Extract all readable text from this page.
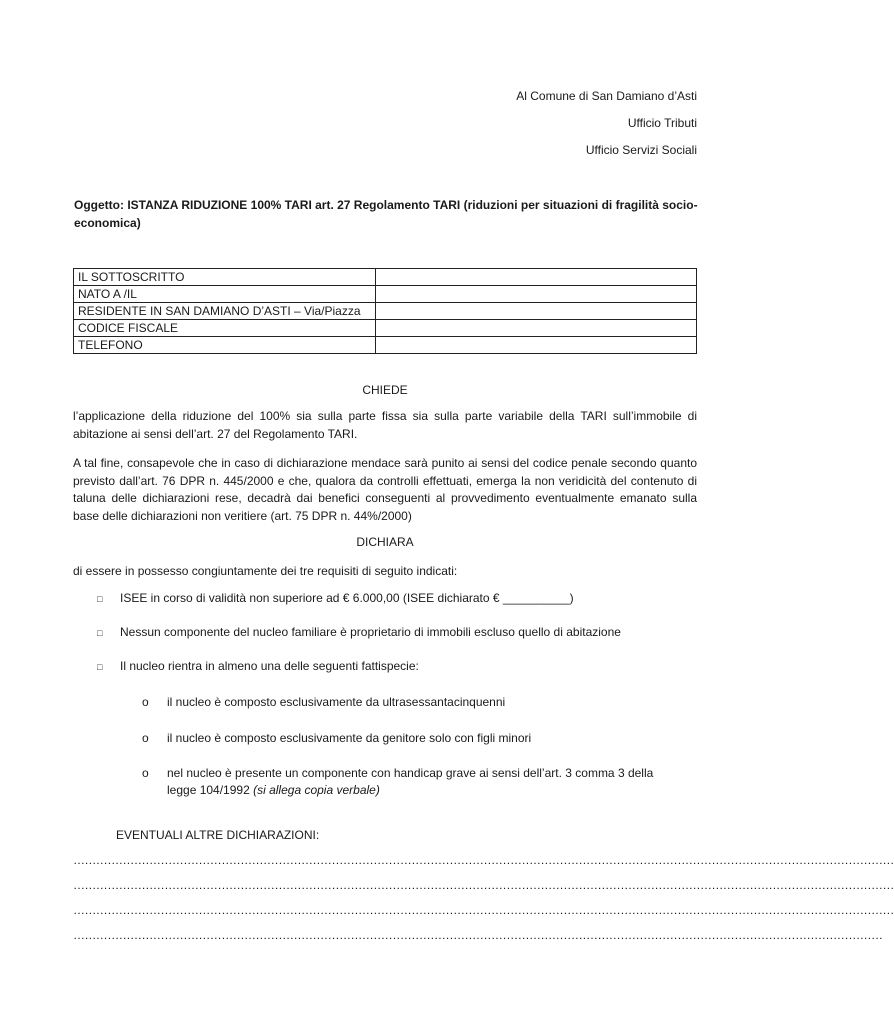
Al Comune di San Damiano d’Asti
Ufficio Tributi
Ufficio Servizi Sociali
Oggetto: ISTANZA RIDUZIONE 100% TARI art. 27 Regolamento TARI (riduzioni per situazioni di fragilità socio-economica)
IL SOTTOSCRITTO	
NATO A /IL	
RESIDENTE IN SAN DAMIANO D’ASTI – Via/Piazza	
CODICE FISCALE	
TELEFONO	
CHIEDE
l’applicazione della riduzione del 100% sia sulla parte fissa sia sulla parte variabile della TARI sull’immobile di abitazione ai sensi dell’art. 27 del Regolamento TARI.
A tal fine, consapevole che in caso di dichiarazione mendace sarà punito ai sensi del codice penale secondo quanto previsto dall’art. 76 DPR n. 445/2000 e che, qualora da controlli effettuati, emerga la non veridicità del contenuto di taluna delle dichiarazioni rese, decadrà dai benefici conseguenti al provvedimento eventualmente emanato sulla base delle dichiarazioni non veritiere (art. 75 DPR n. 44%/2000)
DICHIARA
di essere in possesso congiuntamente dei tre requisiti di seguito indicati:
□ ISEE in corso di validità non superiore ad € 6.000,00 (ISEE dichiarato € __________)
□ Nessun componente del nucleo familiare è proprietario di immobili escluso quello di abitazione
□ Il nucleo rientra in almeno una delle seguenti fattispecie:
o il nucleo è composto esclusivamente da ultrasessantacinquenni
o il nucleo è composto esclusivamente da genitore solo con figli minori
o nel nucleo è presente un componente con handicap grave ai sensi dell’art. 3 comma 3 della
legge 104/1992 (si allega copia verbale)
EVENTUALI ALTRE DICHIARAZIONI:
………………………………………………………………………………………………………………………………………………………………………………………………
………………………………………………………………………………………………………………………………………………………………………………………………
………………………………………………………………………………………………………………………………………………………………………………………………
……………………………………………………………………………………………………………………………………………………………………………………………
